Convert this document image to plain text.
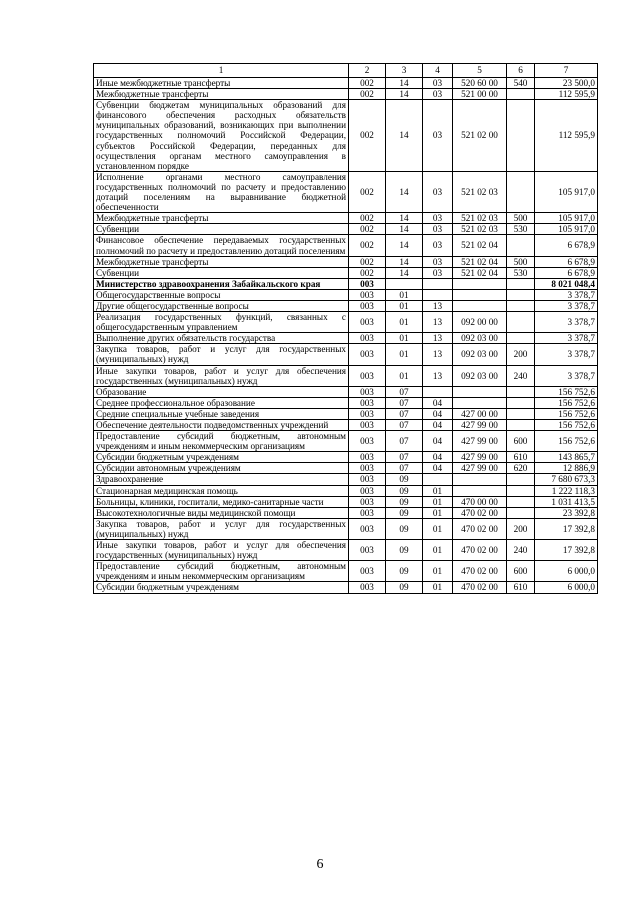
1	2	3	4	5	6	7
Иные межбюджетные трансферты	002	14	03	520 60 00	540	23 500,0
Межбюджетные трансферты	002	14	03	521 00 00		112 595,9
Субвенции бюджетам муниципальных образований для финансового обеспечения расходных обязательств муниципальных образований, возникающих при выполнении государственных полномочий Российской Федерации, субъектов Российской Федерации, переданных для осуществления органам местного самоуправления в установленном порядке	002	14	03	521 02 00		112 595,9
Исполнение органами местного самоуправления государственных полномочий по расчету и предоставлению дотаций поселениям на выравнивание бюджетной обеспеченности	002	14	03	521 02 03		105 917,0
Межбюджетные трансферты	002	14	03	521 02 03	500	105 917,0
Субвенции	002	14	03	521 02 03	530	105 917,0
Финансовое обеспечение передаваемых государственных полномочий по расчету и предоставлению дотаций поселениям	002	14	03	521 02 04		6 678,9
Межбюджетные трансферты	002	14	03	521 02 04	500	6 678,9
Субвенции	002	14	03	521 02 04	530	6 678,9
Министерство здравоохранения Забайкальского края	003					8 021 048,4
Общегосударственные вопросы	003	01				3 378,7
Другие общегосударственные вопросы	003	01	13			3 378,7
Реализация государственных функций, связанных с общегосударственным управлением	003	01	13	092 00 00		3 378,7
Выполнение других обязательств государства	003	01	13	092 03 00		3 378,7
Закупка товаров, работ и услуг для государственных (муниципальных) нужд	003	01	13	092 03 00	200	3 378,7
Иные закупки товаров, работ и услуг для обеспечения государственных (муниципальных) нужд	003	01	13	092 03 00	240	3 378,7
Образование	003	07				156 752,6
Среднее профессиональное образование	003	07	04			156 752,6
Средние специальные учебные заведения	003	07	04	427 00 00		156 752,6
Обеспечение деятельности подведомственных учреждений	003	07	04	427 99 00		156 752,6
Предоставление субсидий бюджетным, автономным учреждениям и иным некоммерческим организациям	003	07	04	427 99 00	600	156 752,6
Субсидии бюджетным учреждениям	003	07	04	427 99 00	610	143 865,7
Субсидии автономным учреждениям	003	07	04	427 99 00	620	12 886,9
Здравоохранение	003	09				7 680 673,3
Стационарная медицинская помощь	003	09	01			1 222 118,3
Больницы, клиники, госпитали, медико-санитарные части	003	09	01	470 00 00		1 031 413,5
Высокотехнологичные виды медицинской помощи	003	09	01	470 02 00		23 392,8
Закупка товаров, работ и услуг для государственных (муниципальных) нужд	003	09	01	470 02 00	200	17 392,8
Иные закупки товаров, работ и услуг для обеспечения государственных (муниципальных) нужд	003	09	01	470 02 00	240	17 392,8
Предоставление субсидий бюджетным, автономным учреждениям и иным некоммерческим организациям	003	09	01	470 02 00	600	6 000,0
Субсидии бюджетным учреждениям	003	09	01	470 02 00	610	6 000,0
6
